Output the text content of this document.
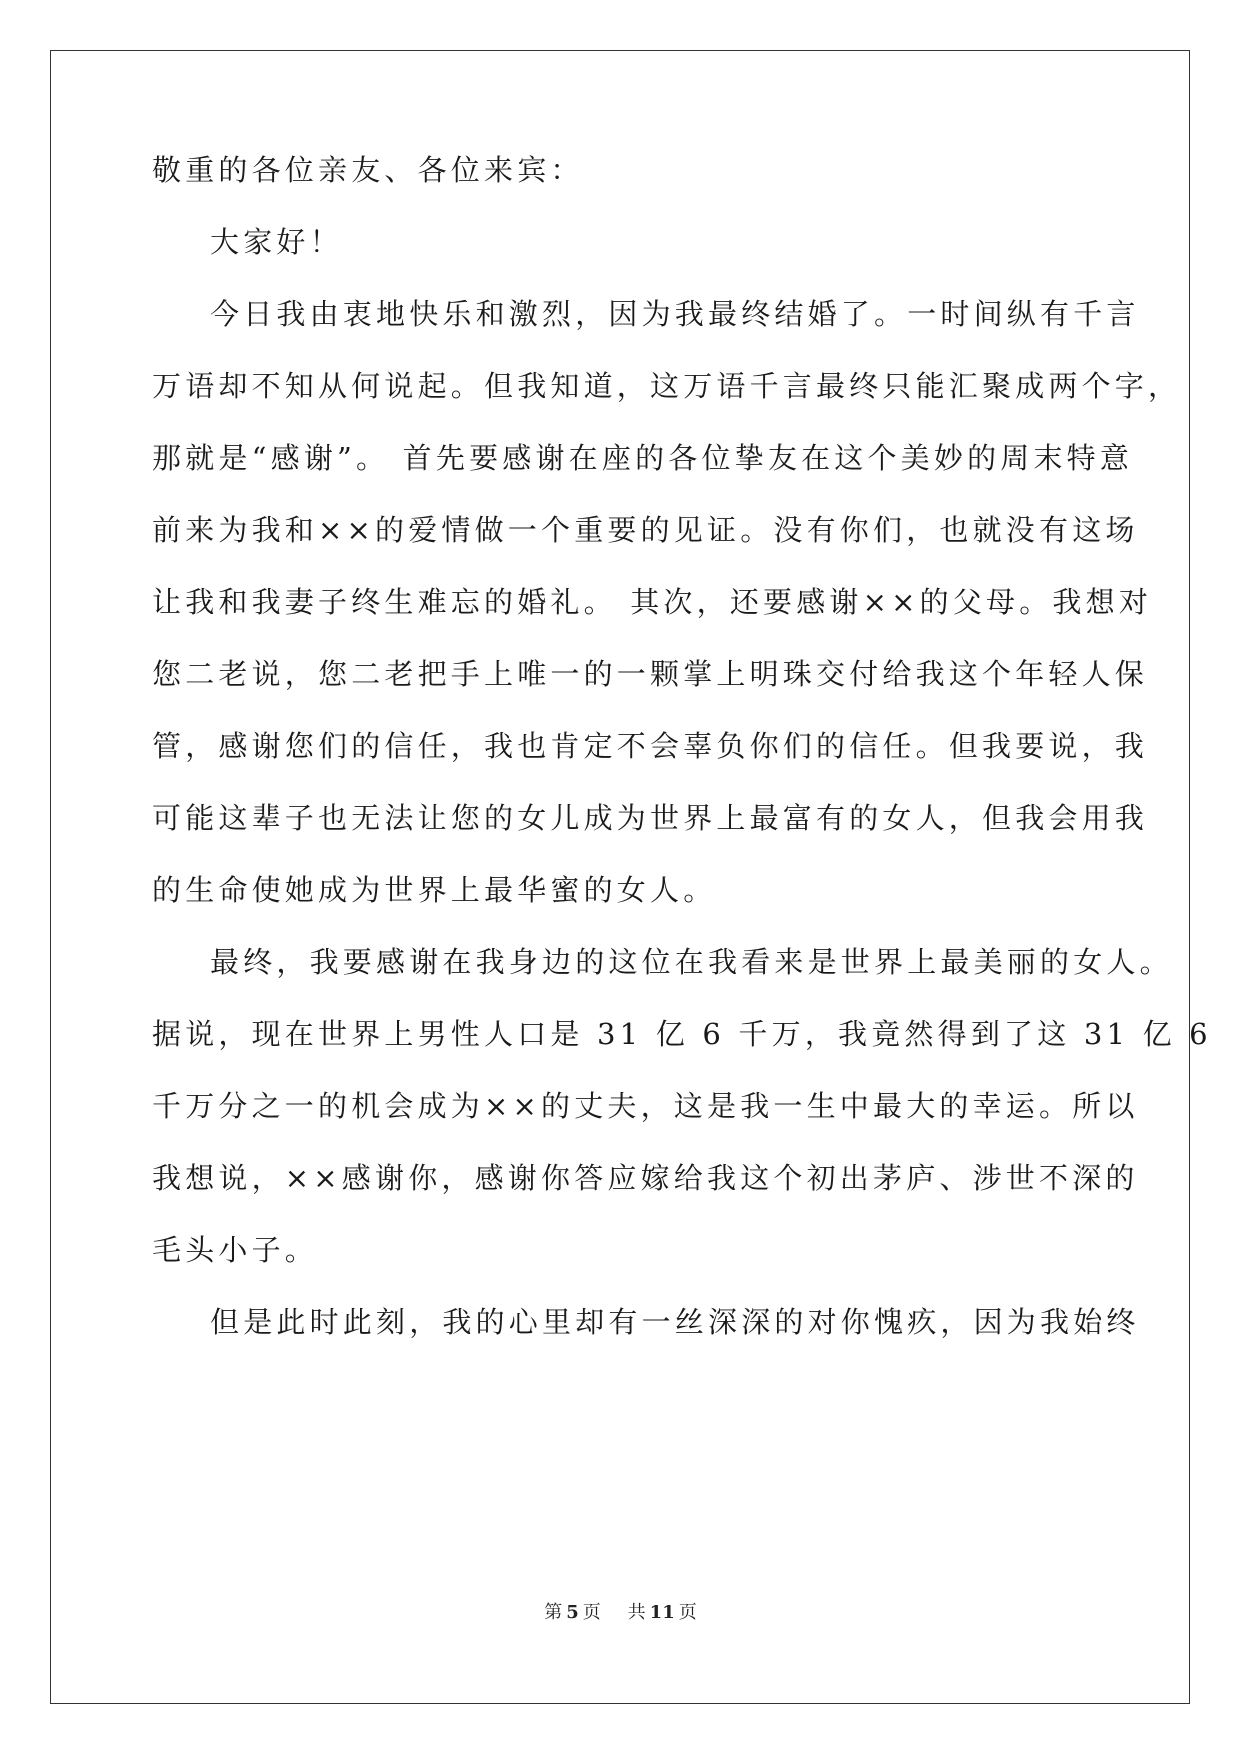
敬重的各位亲友、各位来宾：
大家好！
今日我由衷地快乐和激烈，因为我最终结婚了。一时间纵有千言
万语却不知从何说起。但我知道，这万语千言最终只能汇聚成两个字，
那就是“感谢”。 首先要感谢在座的各位挚友在这个美妙的周末特意
前来为我和××的爱情做一个重要的见证。没有你们，也就没有这场
让我和我妻子终生难忘的婚礼。 其次，还要感谢××的父母。我想对
您二老说，您二老把手上唯一的一颗掌上明珠交付给我这个年轻人保
管，感谢您们的信任，我也肯定不会辜负你们的信任。但我要说，我
可能这辈子也无法让您的女儿成为世界上最富有的女人，但我会用我
的生命使她成为世界上最华蜜的女人。
最终，我要感谢在我身边的这位在我看来是世界上最美丽的女人。
据说，现在世界上男性人口是 31 亿 6 千万，我竟然得到了这 31 亿 6
千万分之一的机会成为××的丈夫，这是我一生中最大的幸运。所以
我想说，××感谢你，感谢你答应嫁给我这个初出茅庐、涉世不深的
毛头小子。
但是此时此刻，我的心里却有一丝深深的对你愧疚，因为我始终
第 5 页 共 11 页
